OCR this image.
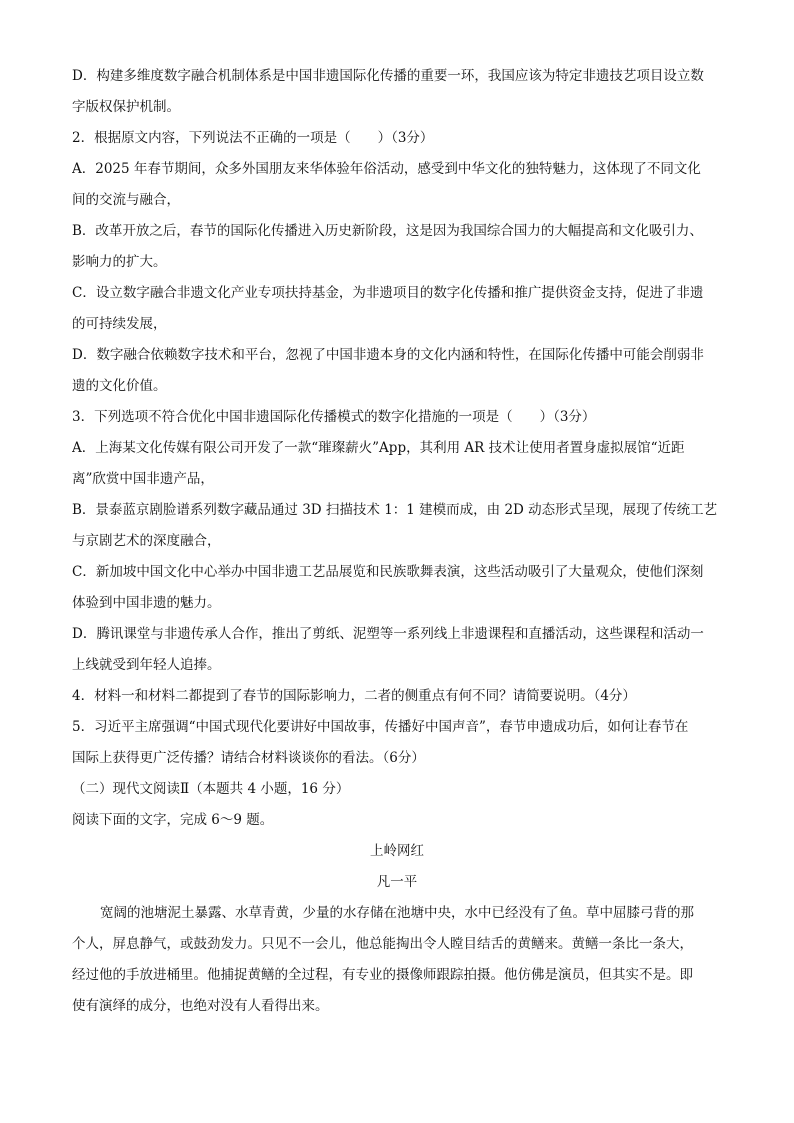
D．构建多维度数字融合机制体系是中国非遗国际化传播的重要一环，我国应该为特定非遗技艺项目设立数
字版权保护机制。
2．根据原文内容，下列说法不正确的一项是（　　）（3分）
A．2025 年春节期间，众多外国朋友来华体验年俗活动，感受到中华文化的独特魅力，这体现了不同文化
间的交流与融合，
B．改革开放之后，春节的国际化传播进入历史新阶段，这是因为我国综合国力的大幅提高和文化吸引力、
影响力的扩大。
C．设立数字融合非遗文化产业专项扶持基金，为非遗项目的数字化传播和推广提供资金支持，促进了非遗
的可持续发展，
D．数字融合依赖数字技术和平台，忽视了中国非遗本身的文化内涵和特性，在国际化传播中可能会削弱非
遗的文化价值。
3．下列选项不符合优化中国非遗国际化传播模式的数字化措施的一项是（　　）（3分）
A．上海某文化传媒有限公司开发了一款“璀璨薪火”App，其利用 AR 技术让使用者置身虚拟展馆“近距
离”欣赏中国非遗产品，
B．景泰蓝京剧脸谱系列数字藏品通过 3D 扫描技术 1：1 建模而成，由 2D 动态形式呈现，展现了传统工艺
与京剧艺术的深度融合，
C．新加坡中国文化中心举办中国非遗工艺品展览和民族歌舞表演，这些活动吸引了大量观众，使他们深刻
体验到中国非遗的魅力。
D．腾讯课堂与非遗传承人合作，推出了剪纸、泥塑等一系列线上非遗课程和直播活动，这些课程和活动一
上线就受到年轻人追捧。
4．材料一和材料二都提到了春节的国际影响力，二者的侧重点有何不同？请简要说明。（4分）
5．习近平主席强调“中国式现代化要讲好中国故事，传播好中国声音”，春节申遗成功后，如何让春节在
国际上获得更广泛传播？请结合材料谈谈你的看法。（6分）
（二）现代文阅读Ⅱ（本题共 4 小题，16 分）
阅读下面的文字，完成 6～9 题。
上岭网红
凡一平
宽阔的池塘泥土暴露、水草青黄，少量的水存储在池塘中央，水中已经没有了鱼。草中屈膝弓背的那
个人，屏息静气，或鼓劲发力。只见不一会儿，他总能掏出令人瞠目结舌的黄鳝来。黄鳝一条比一条大，
经过他的手放进桶里。他捕捉黄鳝的全过程，有专业的摄像师跟踪拍摄。他仿佛是演员，但其实不是。即
使有演绎的成分，也绝对没有人看得出来。
